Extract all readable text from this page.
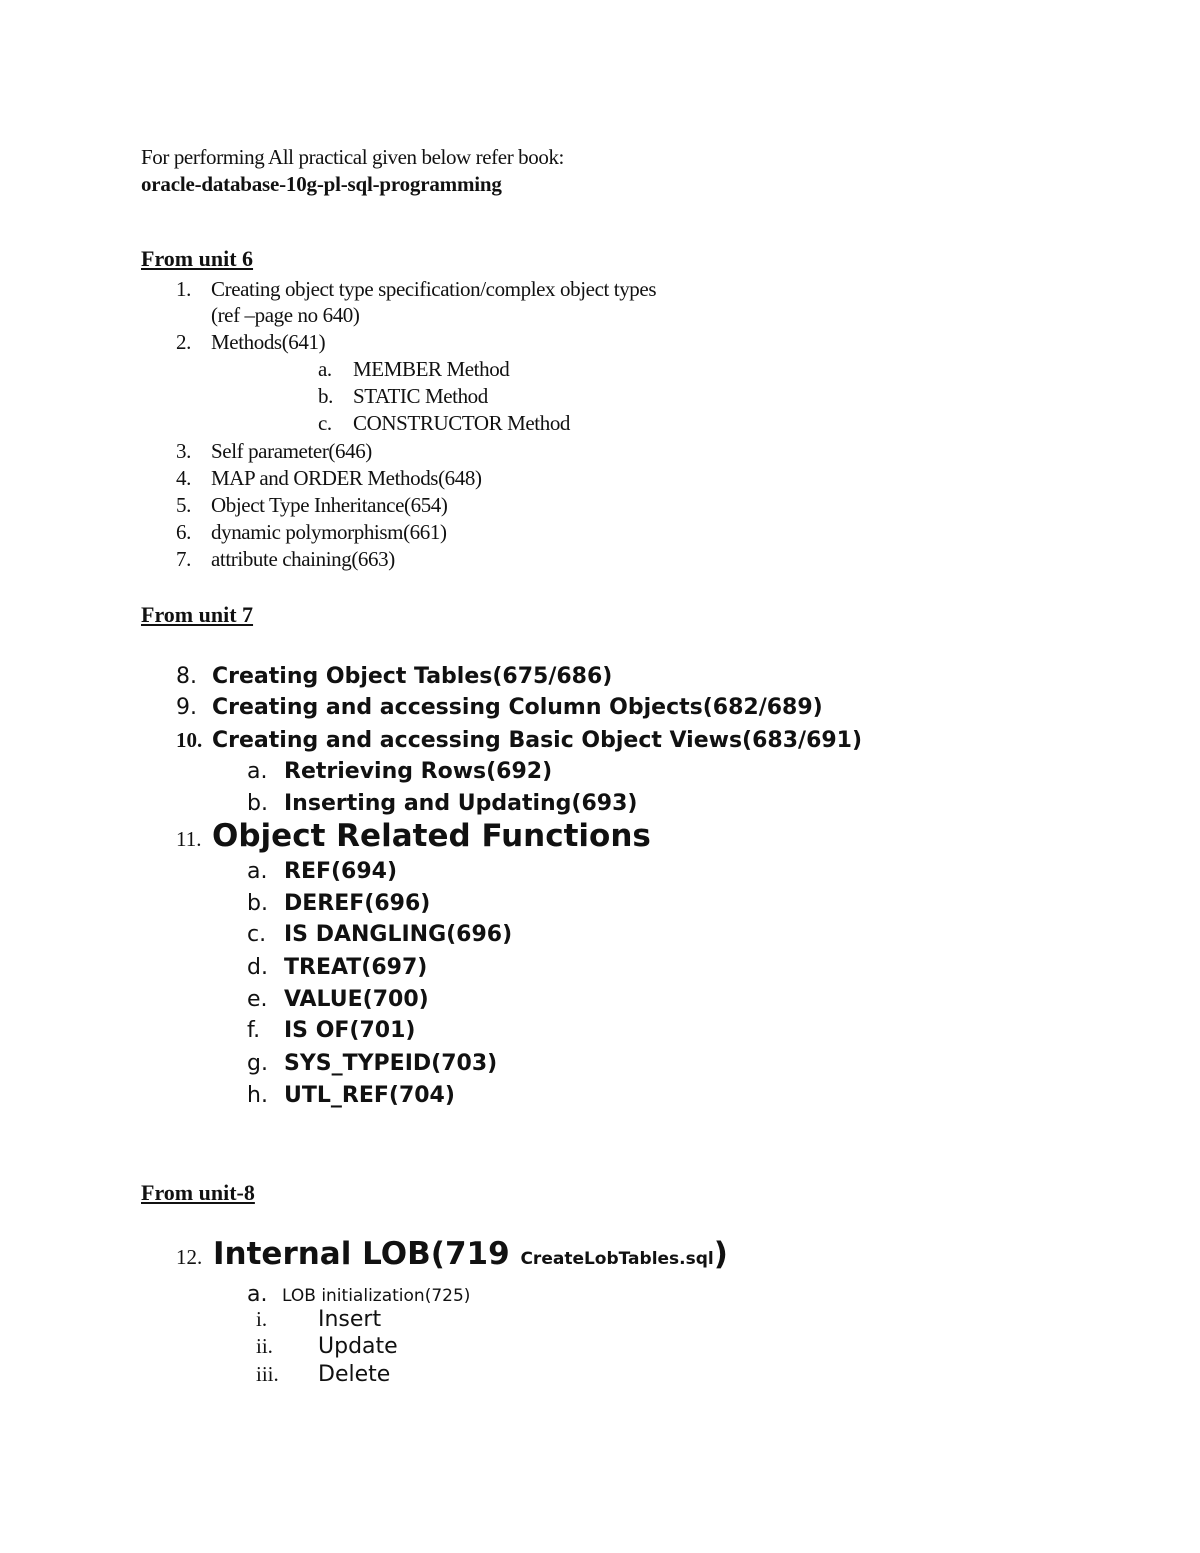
For performing All practical given below refer book:
oracle-database-10g-pl-sql-programming
From unit 6
1. Creating object type specification/complex object types
(ref –page no 640)
2. Methods(641)
a. MEMBER Method
b. STATIC Method
c. CONSTRUCTOR Method
3. Self parameter(646)
4. MAP and ORDER Methods(648)
5. Object Type Inheritance(654)
6. dynamic polymorphism(661)
7. attribute chaining(663)
From unit 7
8. Creating Object Tables(675/686)
9. Creating and accessing Column Objects(682/689)
10. Creating and accessing Basic Object Views(683/691)
a. Retrieving Rows(692)
b. Inserting and Updating(693)
11. Object Related Functions
a. REF(694)
b. DEREF(696)
c. IS DANGLING(696)
d. TREAT(697)
e. VALUE(700)
f. IS OF(701)
g. SYS_TYPEID(703)
h. UTL_REF(704)
From unit-8
12. Internal LOB(719 CreateLobTables.sql)
a. LOB initialization(725)
i. Insert
ii. Update
iii. Delete
